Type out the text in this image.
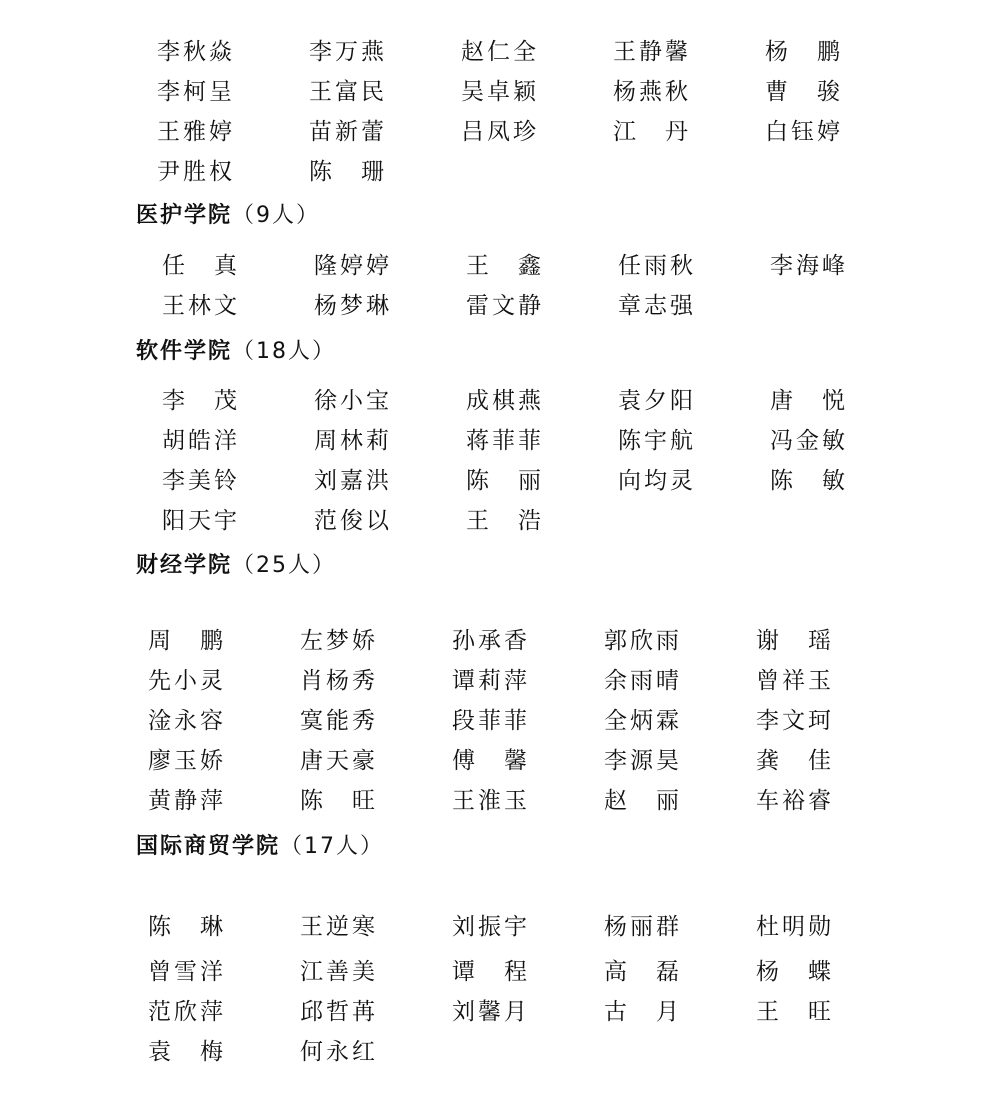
李秋焱	李万燕	赵仁全	王静馨	杨　鹏
李柯呈	王富民	吴卓颖	杨燕秋	曹　骏
王雅婷	苗新蕾	吕凤珍	江　丹	白钰婷
尹胜权	陈　珊
医护学院（9人）
任　真	隆婷婷	王　鑫	任雨秋	李海峰
王林文	杨梦琳	雷文静	章志强
软件学院（18人）
李　茂	徐小宝	成棋燕	袁夕阳	唐　悦
胡皓洋	周林莉	蒋菲菲	陈宇航	冯金敏
李美铃	刘嘉洪	陈　丽	向均灵	陈　敏
阳天宇	范俊以	王　浩
财经学院（25人）
周　鹏	左梦娇	孙承香	郭欣雨	谢　瑶
先小灵	肖杨秀	谭莉萍	余雨晴	曾祥玉
淦永容	寞能秀	段菲菲	全炳霖	李文珂
廖玉娇	唐天豪	傅　馨	李源昊	龚　佳
黄静萍	陈　旺	王淮玉	赵　丽	车裕睿
国际商贸学院（17人）
陈　琳	王逆寒	刘振宇	杨丽群	杜明勋
曾雪洋	江善美	谭　程	高　磊	杨　蝶
范欣萍	邱哲苒	刘馨月	古　月	王　旺
袁　梅	何永红
